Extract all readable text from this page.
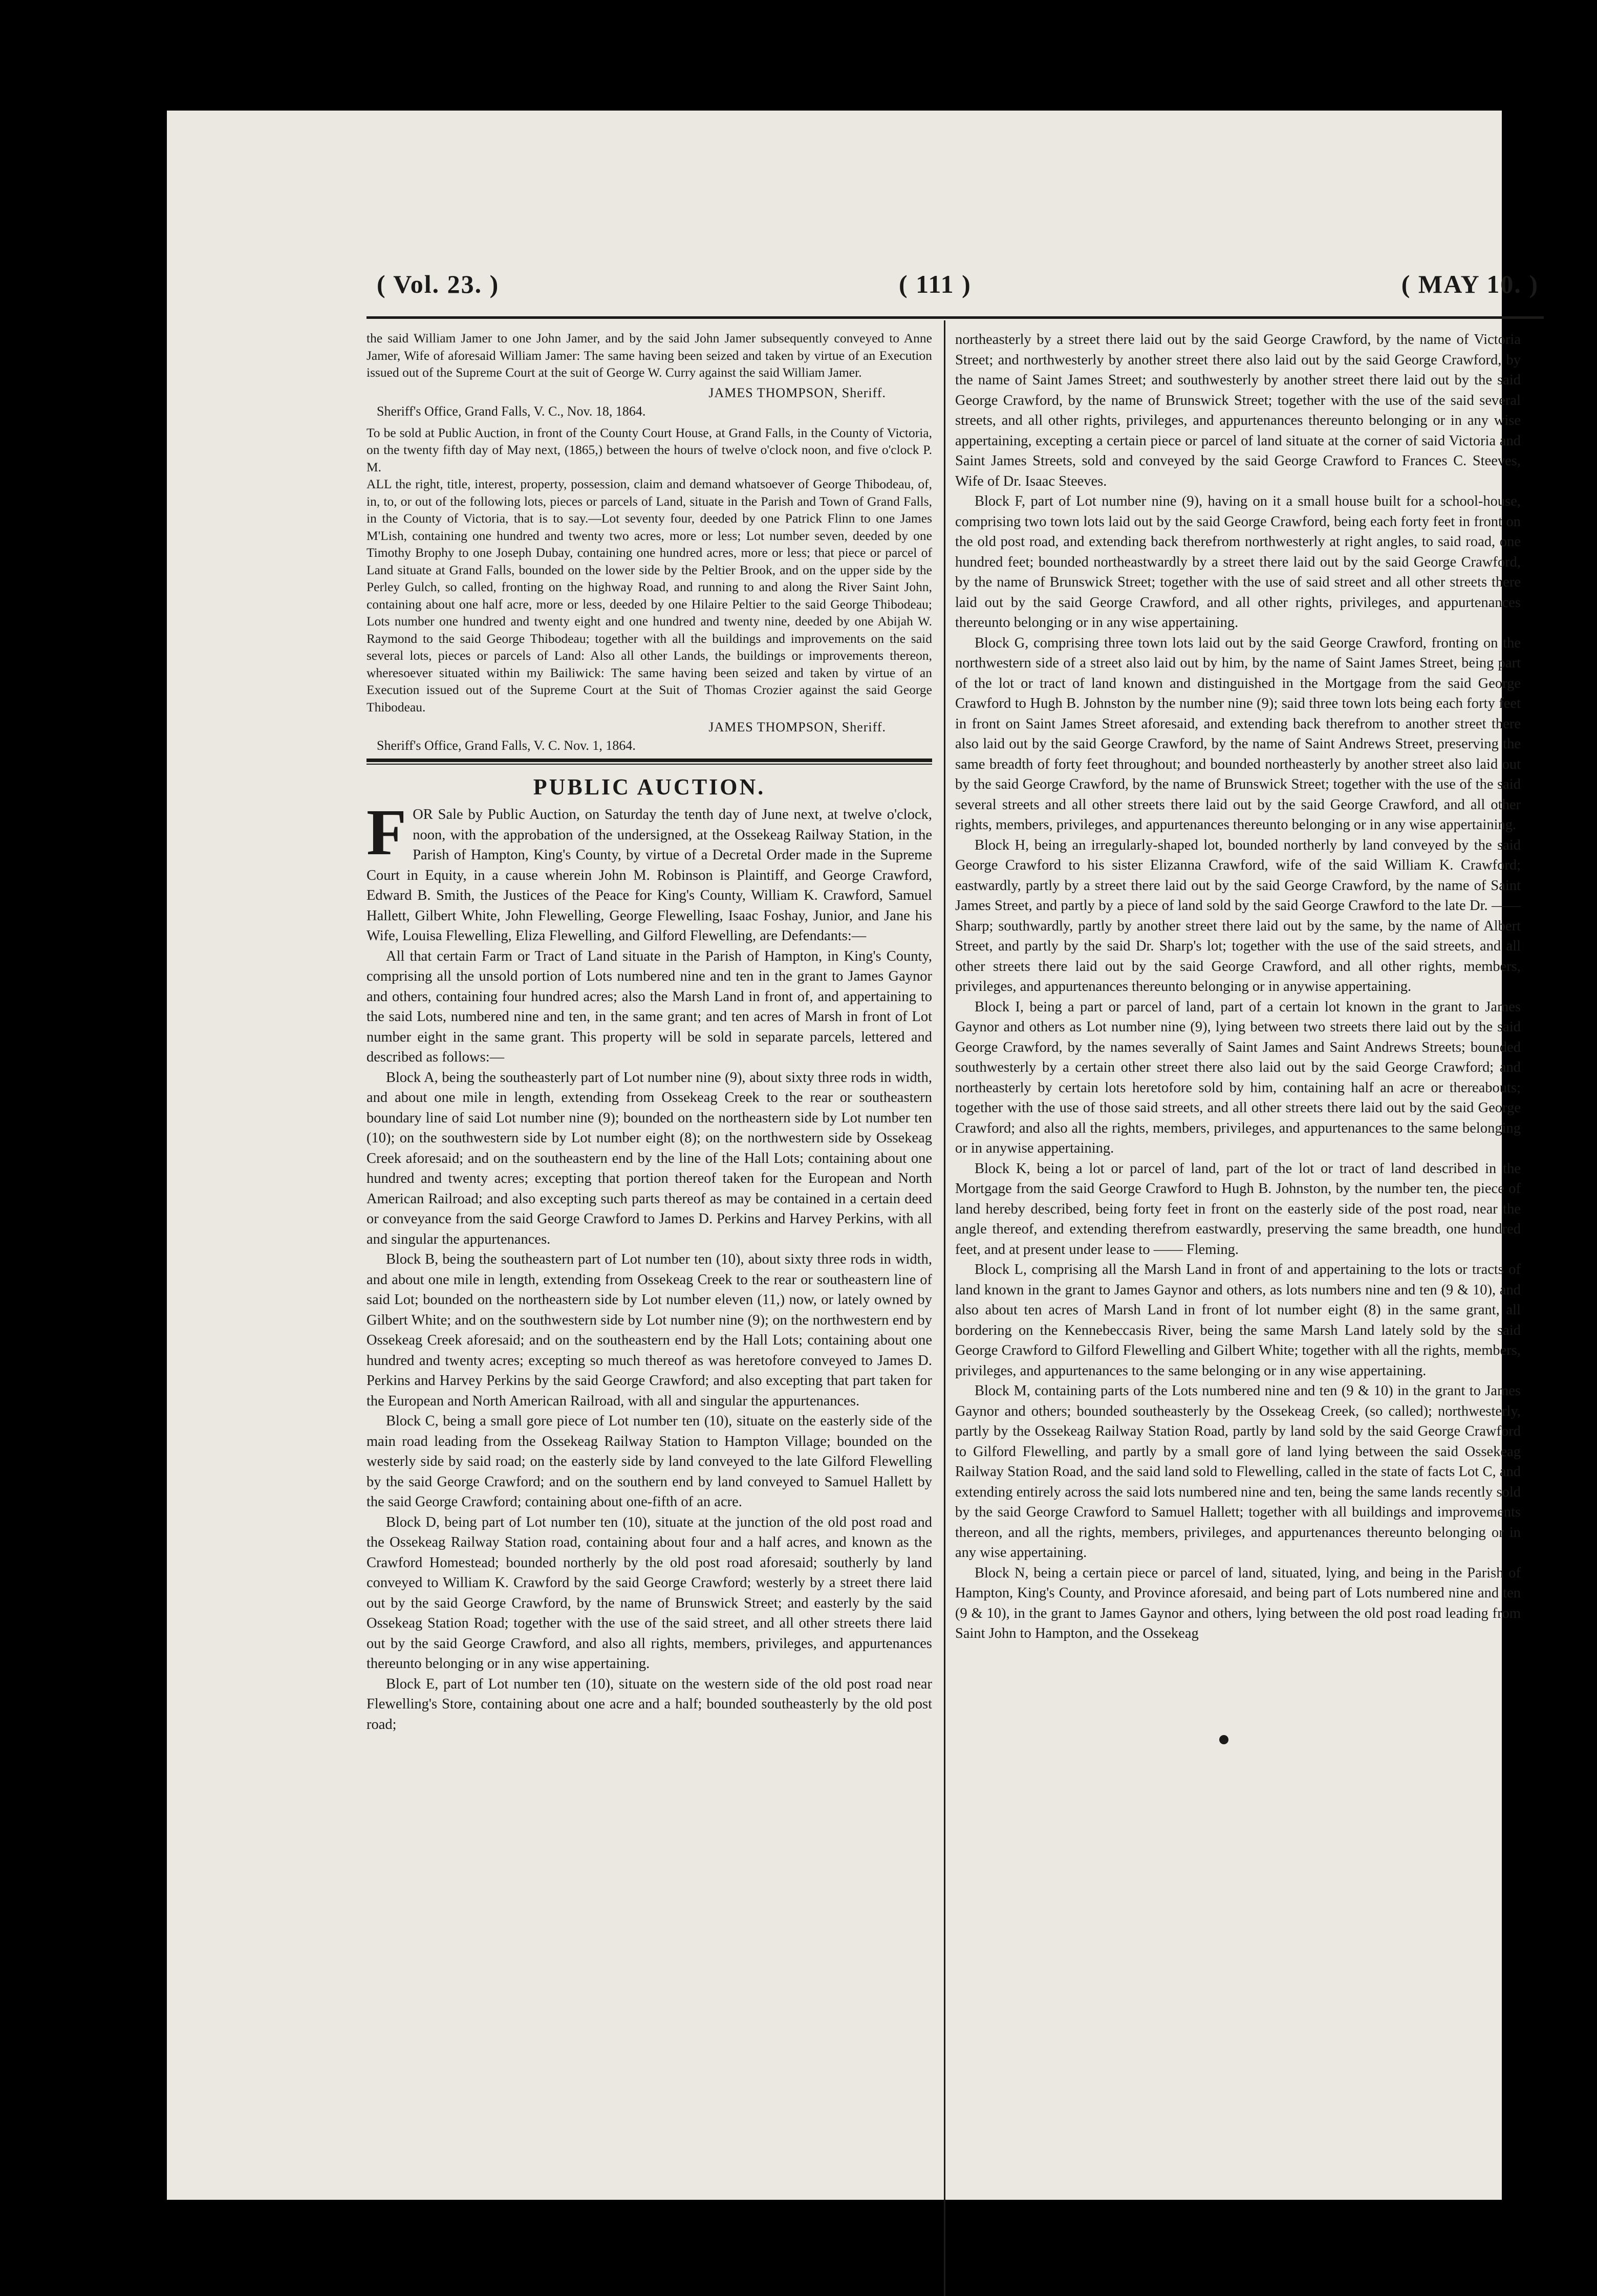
( Vol. 23. )	( 111 )	( MAY 10. )

the said William Jamer to one John Jamer, and by the said John Jamer subsequently conveyed to Anne Jamer, Wife of aforesaid William Jamer: The same having been seized and taken by virtue of an Execution issued out of the Supreme Court at the suit of George W. Curry against the said William Jamer.

JAMES THOMPSON, Sheriff.

Sheriff's Office, Grand Falls, V. C., Nov. 18, 1864.

To be sold at Public Auction, in front of the County Court House, at Grand Falls, in the County of Victoria, on the twenty fifth day of May next, (1865,) between the hours of twelve o'clock noon, and five o'clock P. M.

ALL the right, title, interest, property, possession, claim and demand whatsoever of George Thibodeau, of, in, to, or out of the following lots, pieces or parcels of Land, situate in the Parish and Town of Grand Falls, in the County of Victoria, that is to say.—Lot seventy four, deeded by one Patrick Flinn to one James M'Lish, containing one hundred and twenty two acres, more or less; Lot number seven, deeded by one Timothy Brophy to one Joseph Dubay, containing one hundred acres, more or less; that piece or parcel of Land situate at Grand Falls, bounded on the lower side by the Peltier Brook, and on the upper side by the Perley Gulch, so called, fronting on the highway Road, and running to and along the River Saint John, containing about one half acre, more or less, deeded by one Hilaire Peltier to the said George Thibodeau; Lots number one hundred and twenty eight and one hundred and twenty nine, deeded by one Abijah W. Raymond to the said George Thibodeau; together with all the buildings and improvements on the said several lots, pieces or parcels of Land: Also all other Lands, the buildings or improvements thereon, wheresoever situated within my Bailiwick: The same having been seized and taken by virtue of an Execution issued out of the Supreme Court at the Suit of Thomas Crozier against the said George Thibodeau.

JAMES THOMPSON, Sheriff.

Sheriff's Office, Grand Falls, V. C. Nov. 1, 1864.

PUBLIC AUCTION.
F OR Sale by Public Auction, on Saturday the tenth day of June next, at twelve o'clock, noon, with the approbation of the undersigned, at the Ossekeag Railway Station, in the Parish of Hampton, King's County, by virtue of a Decretal Order made in the Supreme Court in Equity, in a cause wherein John M. Robinson is Plaintiff, and George Crawford, Edward B. Smith, the Justices of the Peace for King's County, William K. Crawford, Samuel Hallett, Gilbert White, John Flewelling, George Flewelling, Isaac Foshay, Junior, and Jane his Wife, Louisa Flewelling, Eliza Flewelling, and Gilford Flewelling, are Defendants:—

All that certain Farm or Tract of Land situate in the Parish of Hampton, in King's County, comprising all the unsold portion of Lots numbered nine and ten in the grant to James Gaynor and others, containing four hundred acres; also the Marsh Land in front of, and appertaining to the said Lots, numbered nine and ten, in the same grant; and ten acres of Marsh in front of Lot number eight in the same grant. This property will be sold in separate parcels, lettered and described as follows:—

Block A, being the southeasterly part of Lot number nine (9), about sixty three rods in width, and about one mile in length, extending from Ossekeag Creek to the rear or southeastern boundary line of said Lot number nine (9); bounded on the northeastern side by Lot number ten (10); on the southwestern side by Lot number eight (8); on the northwestern side by Ossekeag Creek aforesaid; and on the southeastern end by the line of the Hall Lots; containing about one hundred and twenty acres; excepting that portion thereof taken for the European and North American Railroad; and also excepting such parts thereof as may be contained in a certain deed or conveyance from the said George Crawford to James D. Perkins and Harvey Perkins, with all and singular the appurtenances.

Block B, being the southeastern part of Lot number ten (10), about sixty three rods in width, and about one mile in length, extending from Ossekeag Creek to the rear or southeastern line of said Lot; bounded on the northeastern side by Lot number eleven (11,) now, or lately owned by Gilbert White; and on the southwestern side by Lot number nine (9); on the northwestern end by Ossekeag Creek aforesaid; and on the southeastern end by the Hall Lots; containing about one hundred and twenty acres; excepting so much thereof as was heretofore conveyed to James D. Perkins and Harvey Perkins by the said George Crawford; and also excepting that part taken for the European and North American Railroad, with all and singular the appurtenances.

Block C, being a small gore piece of Lot number ten (10), situate on the easterly side of the main road leading from the Ossekeag Railway Station to Hampton Village; bounded on the westerly side by said road; on the easterly side by land conveyed to the late Gilford Flewelling by the said George Crawford; and on the southern end by land conveyed to Samuel Hallett by the said George Crawford; containing about one-fifth of an acre.

Block D, being part of Lot number ten (10), situate at the junction of the old post road and the Ossekeag Railway Station road, containing about four and a half acres, and known as the Crawford Homestead; bounded northerly by the old post road aforesaid; southerly by land conveyed to William K. Crawford by the said George Crawford; westerly by a street there laid out by the said George Crawford, by the name of Brunswick Street; and easterly by the said Ossekeag Station Road; together with the use of the said street, and all other streets there laid out by the said George Crawford, and also all rights, members, privileges, and appurtenances thereunto belonging or in any wise appertaining.

Block E, part of Lot number ten (10), situate on the western side of the old post road near Flewelling's Store, containing about one acre and a half; bounded southeasterly by the old post road;

northeasterly by a street there laid out by the said George Crawford, by the name of Victoria Street; and northwesterly by another street there also laid out by the said George Crawford, by the name of Saint James Street; and southwesterly by another street there laid out by the said George Crawford, by the name of Brunswick Street; together with the use of the said several streets, and all other rights, privileges, and appurtenances thereunto belonging or in any wise appertaining, excepting a certain piece or parcel of land situate at the corner of said Victoria and Saint James Streets, sold and conveyed by the said George Crawford to Frances C. Steeves, Wife of Dr. Isaac Steeves.

Block F, part of Lot number nine (9), having on it a small house built for a school-house, comprising two town lots laid out by the said George Crawford, being each forty feet in front on the old post road, and extending back therefrom northwesterly at right angles, to said road, one hundred feet; bounded northeastwardly by a street there laid out by the said George Crawford, by the name of Brunswick Street; together with the use of said street and all other streets there laid out by the said George Crawford, and all other rights, privileges, and appurtenances thereunto belonging or in any wise appertaining.

Block G, comprising three town lots laid out by the said George Crawford, fronting on the northwestern side of a street also laid out by him, by the name of Saint James Street, being part of the lot or tract of land known and distinguished in the Mortgage from the said George Crawford to Hugh B. Johnston by the number nine (9); said three town lots being each forty feet in front on Saint James Street aforesaid, and extending back therefrom to another street there also laid out by the said George Crawford, by the name of Saint Andrews Street, preserving the same breadth of forty feet throughout; and bounded northeasterly by another street also laid out by the said George Crawford, by the name of Brunswick Street; together with the use of the said several streets and all other streets there laid out by the said George Crawford, and all other rights, members, privileges, and appurtenances thereunto belonging or in any wise appertaining.

Block H, being an irregularly-shaped lot, bounded northerly by land conveyed by the said George Crawford to his sister Elizanna Crawford, wife of the said William K. Crawford; eastwardly, partly by a street there laid out by the said George Crawford, by the name of Saint James Street, and partly by a piece of land sold by the said George Crawford to the late Dr. —— Sharp; southwardly, partly by another street there laid out by the same, by the name of Albert Street, and partly by the said Dr. Sharp's lot; together with the use of the said streets, and all other streets there laid out by the said George Crawford, and all other rights, members, privileges, and appurtenances thereunto belonging or in anywise appertaining.

Block I, being a part or parcel of land, part of a certain lot known in the grant to James Gaynor and others as Lot number nine (9), lying between two streets there laid out by the said George Crawford, by the names severally of Saint James and Saint Andrews Streets; bounded southwesterly by a certain other street there also laid out by the said George Crawford; and northeasterly by certain lots heretofore sold by him, containing half an acre or thereabouts; together with the use of those said streets, and all other streets there laid out by the said George Crawford; and also all the rights, members, privileges, and appurtenances to the same belonging or in anywise appertaining.

Block K, being a lot or parcel of land, part of the lot or tract of land described in the Mortgage from the said George Crawford to Hugh B. Johnston, by the number ten, the piece of land hereby described, being forty feet in front on the easterly side of the post road, near the angle thereof, and extending therefrom eastwardly, preserving the same breadth, one hundred feet, and at present under lease to —— Fleming.

Block L, comprising all the Marsh Land in front of and appertaining to the lots or tracts of land known in the grant to James Gaynor and others, as lots numbers nine and ten (9 & 10), and also about ten acres of Marsh Land in front of lot number eight (8) in the same grant, all bordering on the Kennebeccasis River, being the same Marsh Land lately sold by the said George Crawford to Gilford Flewelling and Gilbert White; together with all the rights, members, privileges, and appurtenances to the same belonging or in any wise appertaining.

Block M, containing parts of the Lots numbered nine and ten (9 & 10) in the grant to James Gaynor and others; bounded southeasterly by the Ossekeag Creek, (so called); northwesterly, partly by the Ossekeag Railway Station Road, partly by land sold by the said George Crawford to Gilford Flewelling, and partly by a small gore of land lying between the said Ossekeag Railway Station Road, and the said land sold to Flewelling, called in the state of facts Lot C, and extending entirely across the said lots numbered nine and ten, being the same lands recently sold by the said George Crawford to Samuel Hallett; together with all buildings and improvements thereon, and all the rights, members, privileges, and appurtenances thereunto belonging or in any wise appertaining.

Block N, being a certain piece or parcel of land, situated, lying, and being in the Parish of Hampton, King's County, and Province aforesaid, and being part of Lots numbered nine and ten (9 & 10), in the grant to James Gaynor and others, lying between the old post road leading from Saint John to Hampton, and the Ossekeag
